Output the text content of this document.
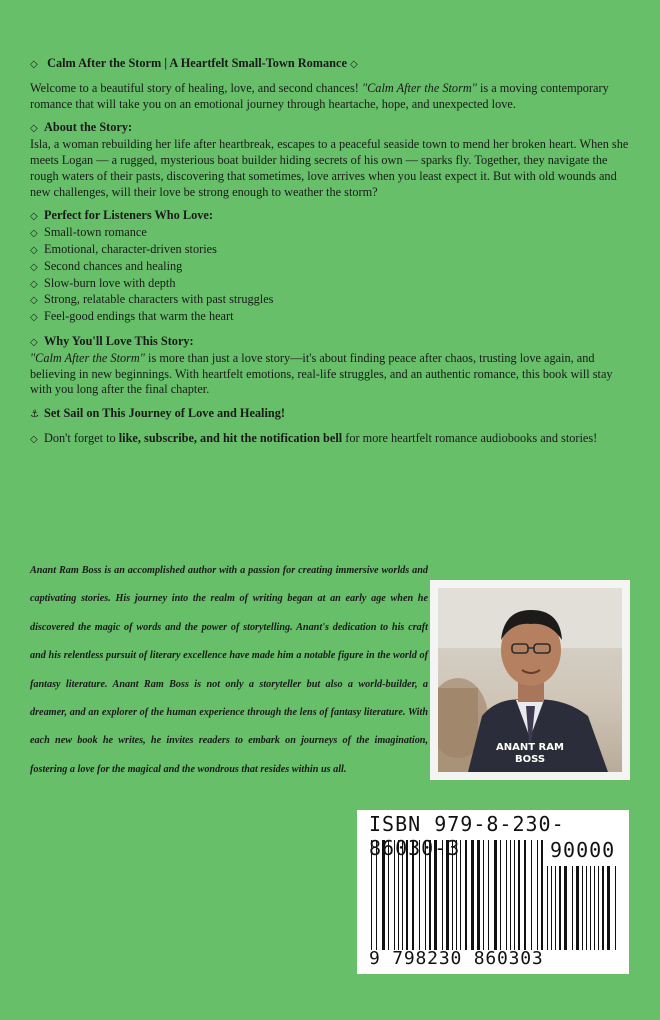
◇ Calm After the Storm | A Heartfelt Small-Town Romance ◇

Welcome to a beautiful story of healing, love, and second chances! "Calm After the Storm" is a moving contemporary romance that will take you on an emotional journey through heartache, hope, and unexpected love.

◇ About the Story:
Isla, a woman rebuilding her life after heartbreak, escapes to a peaceful seaside town to mend her broken heart. When she meets Logan — a rugged, mysterious boat builder hiding secrets of his own — sparks fly. Together, they navigate the rough waters of their pasts, discovering that sometimes, love arrives when you least expect it. But with old wounds and new challenges, will their love be strong enough to weather the storm?

◇ Perfect for Listeners Who Love:
◇ Small-town romance
◇ Emotional, character-driven stories
◇ Second chances and healing
◇ Slow-burn love with depth
◇ Strong, relatable characters with past struggles
◇ Feel-good endings that warm the heart

◇ Why You'll Love This Story:
"Calm After the Storm" is more than just a love story—it's about finding peace after chaos, trusting love again, and believing in new beginnings. With heartfelt emotions, real-life struggles, and an authentic romance, this book will stay with you long after the final chapter.

⚓ Set Sail on This Journey of Love and Healing!

◇ Don't forget to like, subscribe, and hit the notification bell for more heartfelt romance audiobooks and stories!

Anant Ram Boss is an accomplished author with a passion for creating immersive worlds and captivating stories. His journey into the realm of writing began at an early age when he discovered the magic of words and the power of storytelling. Anant's dedication to his craft and his relentless pursuit of literary excellence have made him a notable figure in the world of fantasy literature. Anant Ram Boss is not only a storyteller but also a world-builder, a dreamer, and an explorer of the human experience through the lens of fantasy literature. With each new book he writes, he invites readers to embark on journeys of the imagination, fostering a love for the magical and the wondrous that resides within us all.
ANANT RAM
BOSS
ISBN 979-8-230-86030-3	90000
9 798230 860303
